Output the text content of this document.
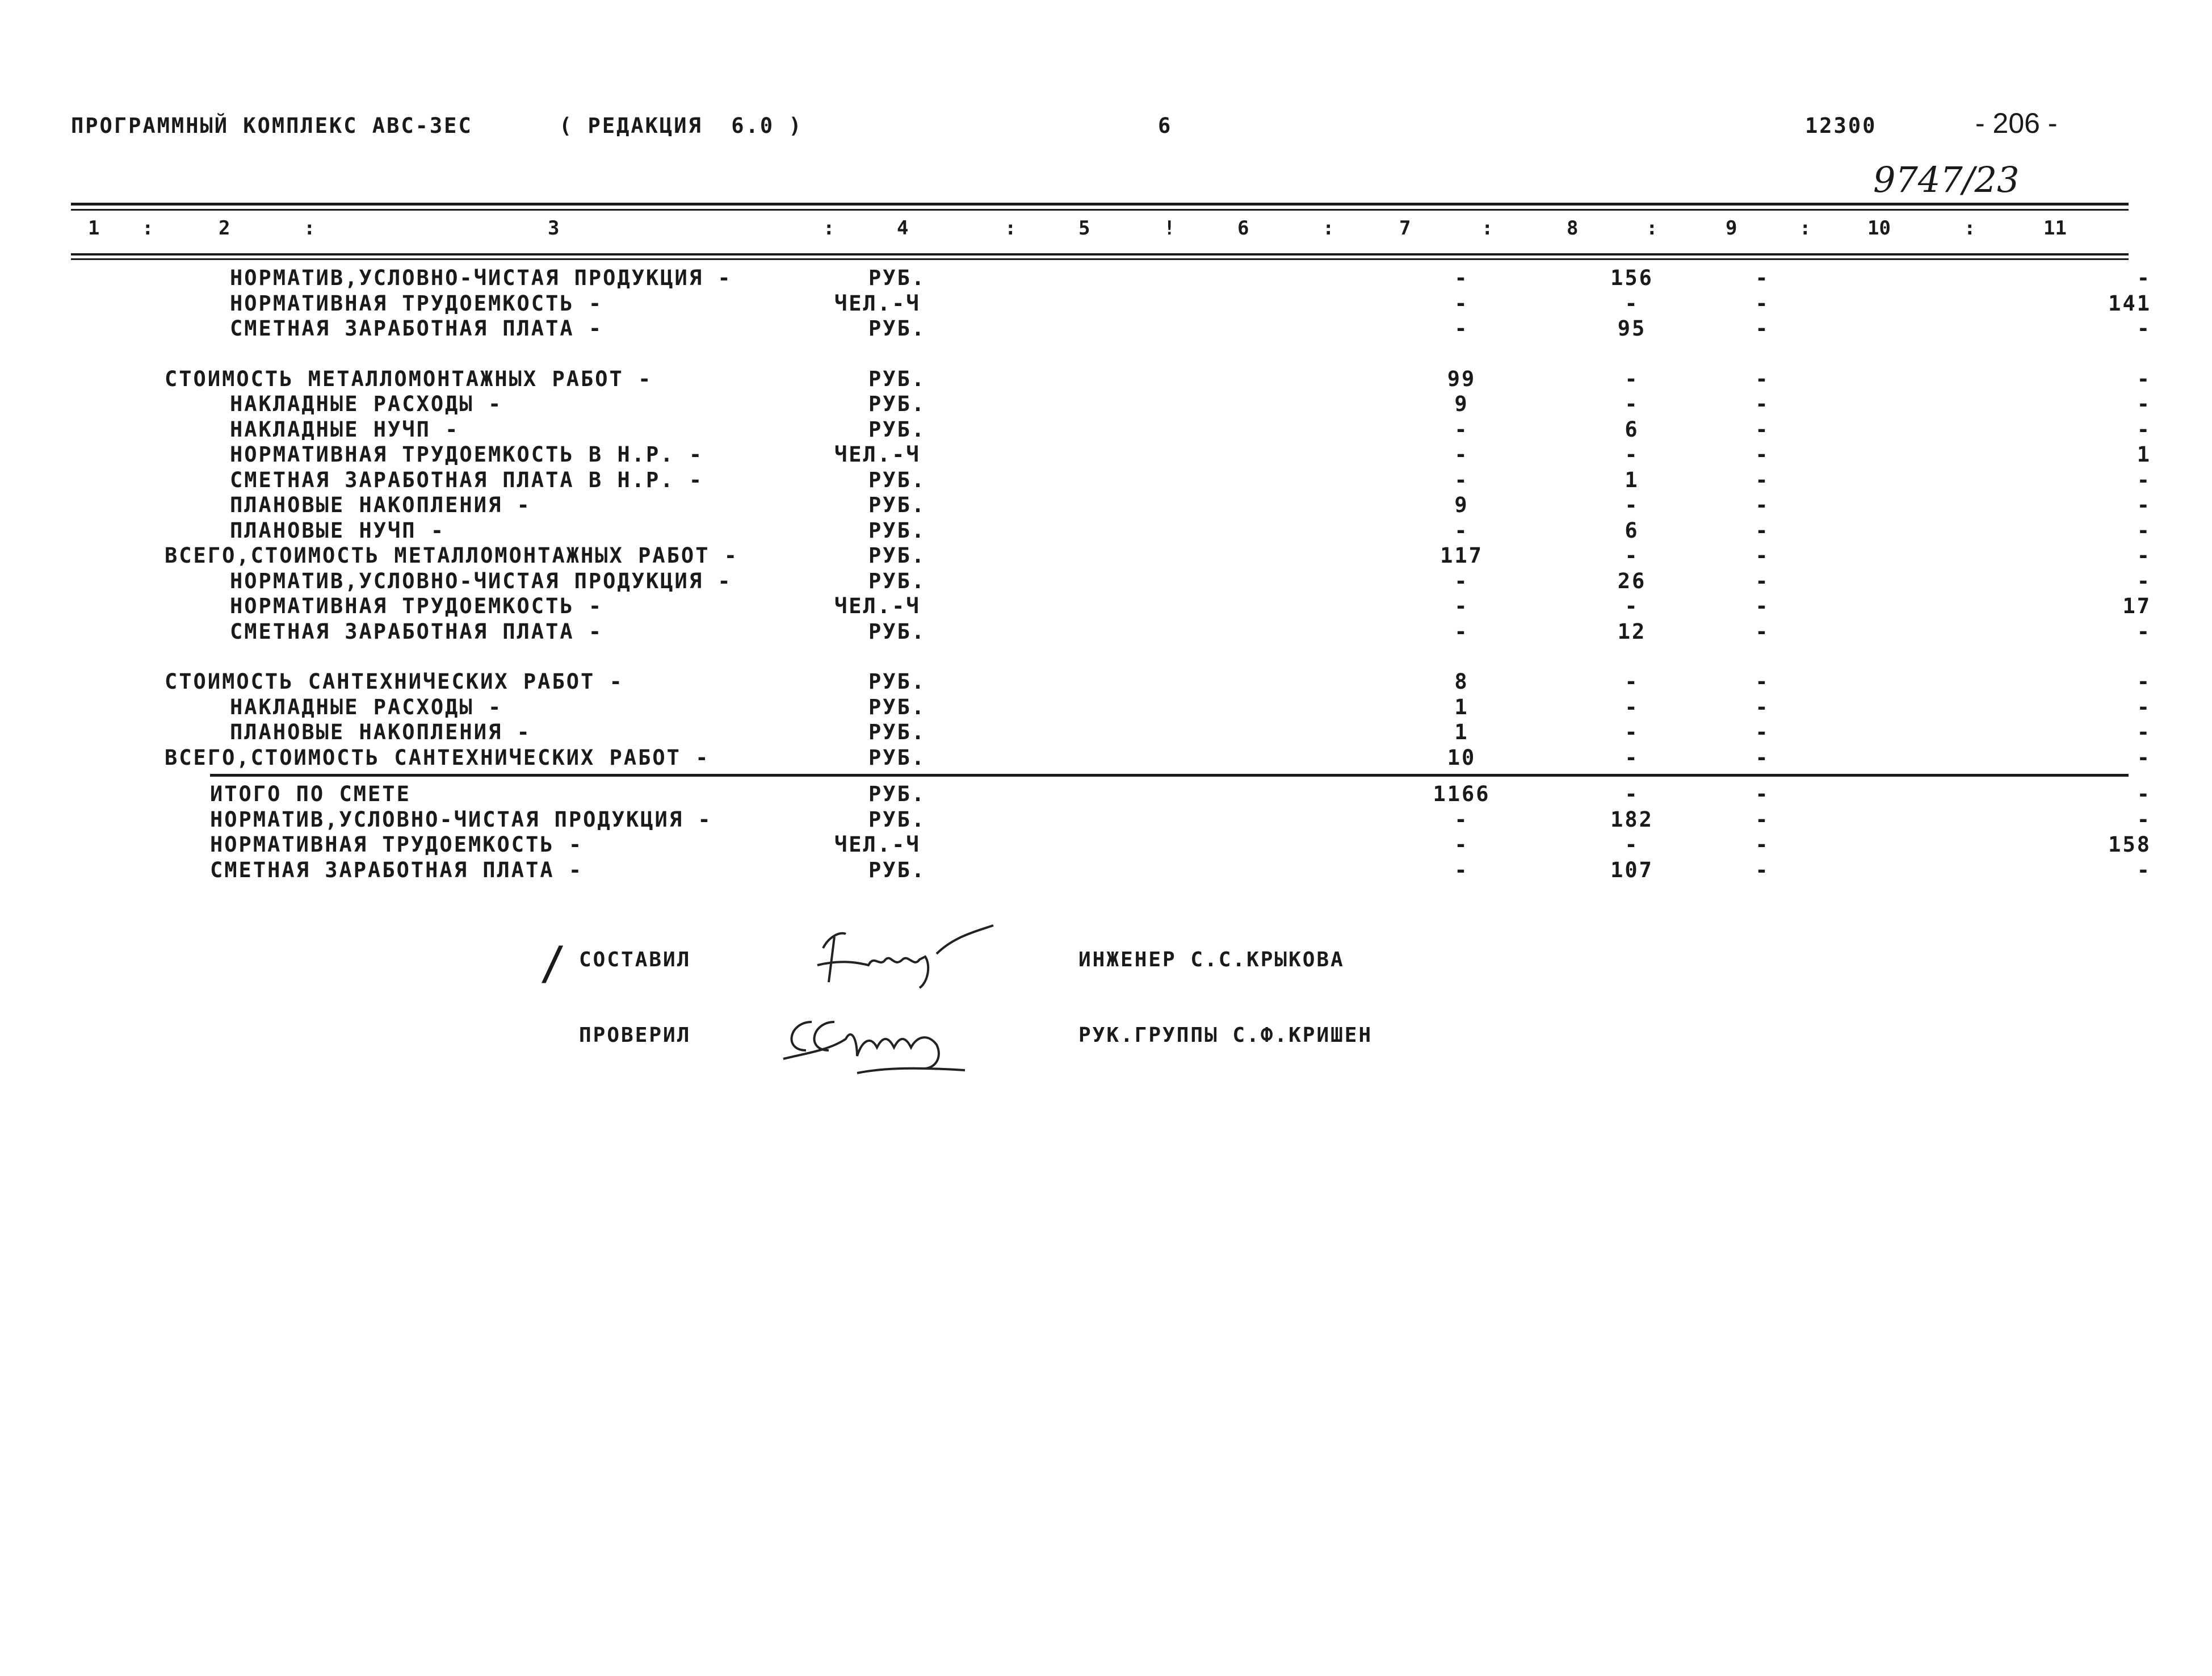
ПРОГРАММНЫЙ КОМПЛЕКС АВС-3ЕС	( РЕДАКЦИЯ  6.0 )	6	12300	- 206 -
9747/23
1	2	3	4	5	6	7	8	9	10	11
:	:	:	:	!	:	:	:	:	:
НОРМАТИВ,УСЛОВНО-ЧИСТАЯ ПРОДУКЦИЯ -	РУБ.	-	156	-	-
НОРМАТИВНАЯ ТРУДОЕМКОСТЬ -	ЧЕЛ.-Ч	-	-	-	141
СМЕТНАЯ ЗАРАБОТНАЯ ПЛАТА -	РУБ.	-	95	-	-
СТОИМОСТЬ МЕТАЛЛОМОНТАЖНЫХ РАБОТ -	РУБ.	99	-	-	-
НАКЛАДНЫЕ РАСХОДЫ -	РУБ.	9	-	-	-
НАКЛАДНЫЕ НУЧП -	РУБ.	-	6	-	-
НОРМАТИВНАЯ ТРУДОЕМКОСТЬ В Н.Р. -	ЧЕЛ.-Ч	-	-	-	1
СМЕТНАЯ ЗАРАБОТНАЯ ПЛАТА В Н.Р. -	РУБ.	-	1	-	-
ПЛАНОВЫЕ НАКОПЛЕНИЯ -	РУБ.	9	-	-	-
ПЛАНОВЫЕ НУЧП -	РУБ.	-	6	-	-
ВСЕГО,СТОИМОСТЬ МЕТАЛЛОМОНТАЖНЫХ РАБОТ -	РУБ.	117	-	-	-
НОРМАТИВ,УСЛОВНО-ЧИСТАЯ ПРОДУКЦИЯ -	РУБ.	-	26	-	-
НОРМАТИВНАЯ ТРУДОЕМКОСТЬ -	ЧЕЛ.-Ч	-	-	-	17
СМЕТНАЯ ЗАРАБОТНАЯ ПЛАТА -	РУБ.	-	12	-	-
СТОИМОСТЬ САНТЕХНИЧЕСКИХ РАБОТ -	РУБ.	8	-	-	-
НАКЛАДНЫЕ РАСХОДЫ -	РУБ.	1	-	-	-
ПЛАНОВЫЕ НАКОПЛЕНИЯ -	РУБ.	1	-	-	-
ВСЕГО,СТОИМОСТЬ САНТЕХНИЧЕСКИХ РАБОТ -	РУБ.	10	-	-	-
ИТОГО ПО СМЕТЕ	РУБ.	1166	-	-	-
НОРМАТИВ,УСЛОВНО-ЧИСТАЯ ПРОДУКЦИЯ -	РУБ.	-	182	-	-
НОРМАТИВНАЯ ТРУДОЕМКОСТЬ -	ЧЕЛ.-Ч	-	-	-	158
СМЕТНАЯ ЗАРАБОТНАЯ ПЛАТА -	РУБ.	-	107	-	-
/ СОСТАВИЛ	ИНЖЕНЕР С.С.КРЫКОВА
ПРОВЕРИЛ	РУК.ГРУППЫ С.Ф.КРИШЕН
